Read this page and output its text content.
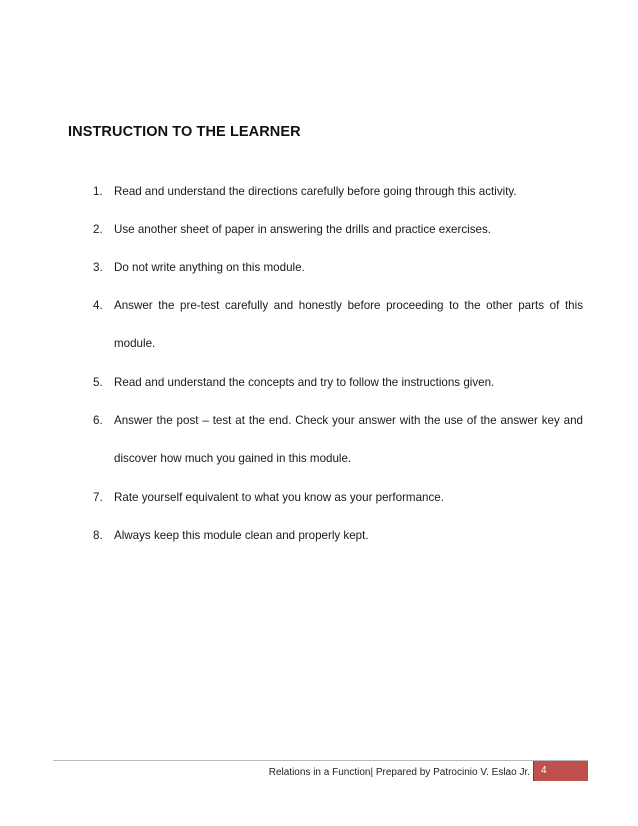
INSTRUCTION TO THE LEARNER
1. Read and understand the directions carefully before going through this activity.
2. Use another sheet of paper in answering the drills and practice exercises.
3. Do not write anything on this module.
4. Answer the pre-test carefully and honestly before proceeding to the other parts of this module.
5. Read and understand the concepts and try to follow the instructions given.
6. Answer the post – test at the end. Check your answer with the use of the answer key and discover how much you gained in this module.
7. Rate yourself equivalent to what you know as your performance.
8. Always keep this module clean and properly kept.
Relations in a Function| Prepared by Patrocinio V. Eslao Jr.	4
